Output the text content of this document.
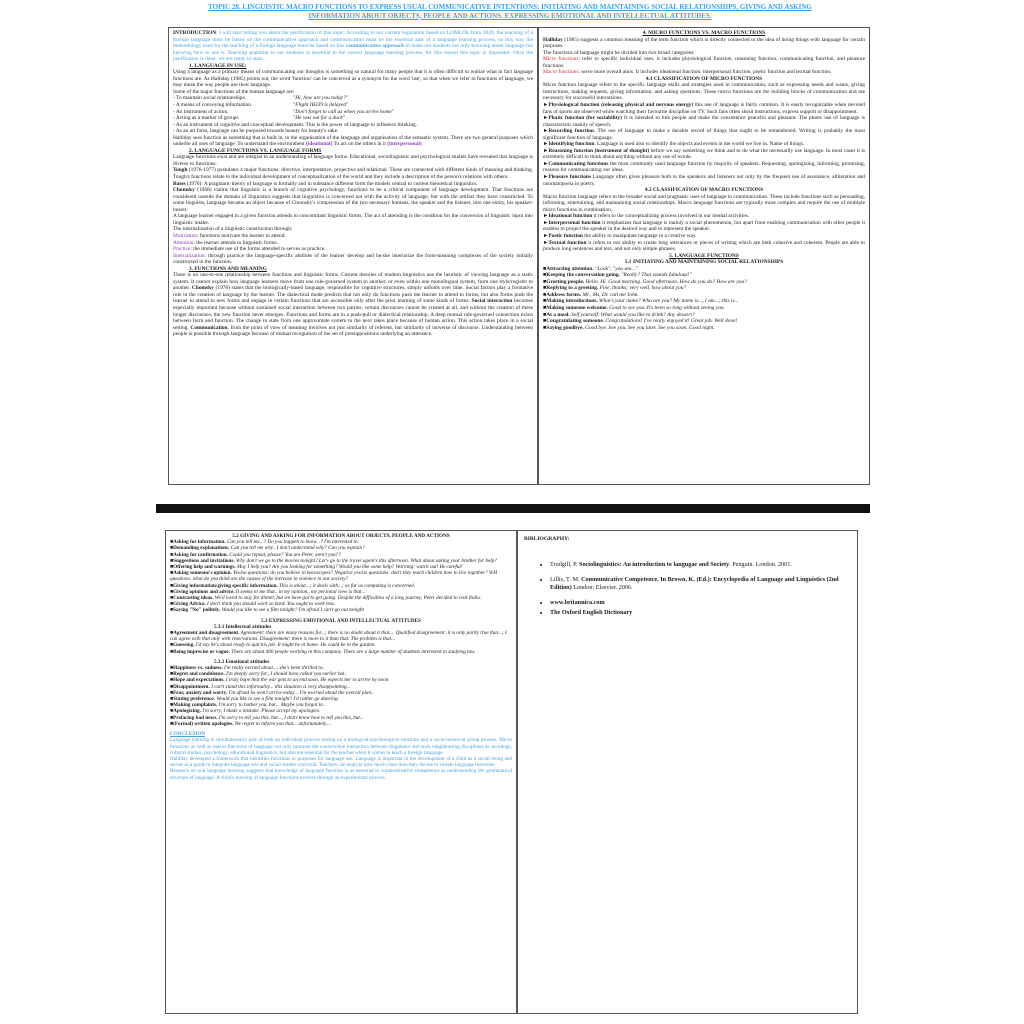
TOPIC 28. LINGUISTIC MACRO FUNCTIONS TO EXPRESS USUAL COMMUNICATIVE INTENTIONS: INITIATING AND MAINTAINING SOCIAL RELATIONSHIPS, GIVING AND ASKING
INFORMATION ABOUT OBJECTS, PEOPLE AND ACTIONS. EXPRESSING EMOTIONAL AND INTELLECTUAL ATTITUDES.

INTRODUCTION: I will start telling you about the justification of this topic. According to our current legislation based on LOMLOE from 2020, the teaching of a foreign language must be based on the communicative approach and communication must be the essential part of a language learning process, so this way the methodology used for the teaching of a foreign language must be based on this communicative approach to make our students not only knowing about language but knowing how to use it. Teaching grammar to our students is essential to the correct language learning process, for this reason this topic is important. Once the justification is done, we are ready to start...

1. LANGUAGE IN USE:

Using a language as a primary means of communicating our thoughts is something so natural for many people that it is often difficult to realize what in fact language functions are. As Halliday (1985) points out, the word 'function' can be conceived as a synonym for the word 'use', so that when we refer to functions of language, we may mean the way people use their language.

Some of the major functions of the human language are:

- To maintain social relationships.	"Hi, how are you today?"
- A means of conveying information.	"Flight IB339 is delayed"
- An instrument of action.	"Don't forget to call us when you arrive home"
- Acting as a marker of groups	"He was out for a duck"

- As an instrument of cognitive and conceptual development. This is the power of language to influence thinking.

- As an art form, language can be purposed towards beauty for beauty's sake.

Halliday sees function as something that is built in, to the organisation of the language and organisation of the semantic system. There are two general purposes which underlie all uses of language: To understand the environment (ideational) To act on the others in it (interpersonal)

2. LANGUAGE FUNCTIONS VS. LANGUAGE FORMS

Language functions exist and are integral to an understanding of language forms. Educational, sociolinguistic and psychological studies have revealed that language is diverse in functions.

Tough (1976-1977) postulates 4 major functions: directive, interpretative, projective and relational. These are connected with different kinds of meaning and thinking. Tough's functions relate to the individual development of conceptualization of the world and they include a description of the person's relations with others.

Bates (1976): A pragmatic theory of language is formally and in substance different form the models central to current theoretical linguistics.

Chomsky (1968) claims that linguistic is a branch of cognitive psychology, functions to be a critical component of language development. That functions are considered outside the domain of linguistics suggests that linguistics is concerned not with the activity of language, but with the artifact they have constructed. To some linguists, language became an object because of Chomsky's compression of the two necessary humans, the speaker and the listener, into one entity, his speaker-hearer.

A language learner engaged in a given function attends to concomitant linguistic forms. The act of attending is the condition for the conversion of linguistic input into linguistic intake.

The internalization of a linguistic construction through:

Motivation: functions motivate the learner to attend.

Attention: the learner attends to linguistic forms.

Practice: the immediate use of the forms attended to serves as practice.

Internalization: through practice the language-specific abilities of the learner develop and he/she interiorize the form-meaning complexes of the society initially constructed in the function.

3. FUNCTIONS AND MEANING

There is no one-to-one relationship between functions and linguistic forms. Current theories of modern linguistics use the heuristic of viewing language as a static system. It cannot explain how language learners move from one rule-governed system to another, or even within one monolingual system, from one style/register to another. Chomsky (1978) states that the biologically-based language, responsible for cognitive structures, simply unfolds over time. Social factors play a formative role in the creation of language by the learner. The dialectical mode predicts that not only do functions push the learner to attend to forms, but also forms push the learner to attend to new forms and engage in certain functions that are accessible only after the prior learning of some kinds of forms. Social interaction becomes especially important because without sustained social interaction between two parties, certain discourses cannot be created at all, and without the creation of these longer discourses, the new function never emerges. Functions and forms are in a push-pull or dialectical relationship. A deep mutual rule-governed connection exists between form and function. The change in state from one approximate system to the next takes place because of human action. This action takes place in a social setting. Communication, from the point of view of meaning involves not just similarity of referent, but similarity of universe of discourse. Understanding between people is possible through language because of mutual recognition of the set of presuppositions underlying an utterance.

4. MICRO FUNCTIONS VS. MACRO FUNCTIONS

Halliday (1985) suggests a common meaning of the term function which is directly connected to the idea of doing things with language for certain purposes.

The functions of language might be divided into two broad categories:

Micro functions: refer to specific individual uses. it includes physiological function, reasoning function, communicating function, and pleasure functions.

Macro functions: serve more overall aims. It includes ideational function, interpersonal function, poetic function and textual function.

4.1 CLASSIFICATION OF MICRO FUNCTIONS

Micro function language refers to the specific language skills and strategies used in communication, such as expressing needs and wants, giving instructions, making requests, giving information, and asking questions. These micro functions are the building blocks of communication and are necessary for successful interactions.

►Physiological function (releasing physical and nervous energy) this use of language is fairly common. It is easily recognizable when devoted fans of sports are observed while watching their favourite discipline on TV. Such fans often shout instructions, express support or disappointment.

►Phatic function (for sociability) It is intended to link people and make the coexistence peaceful and pleasant. The phatic use of language is characteristic mainly of speech.

►Recording function. The use of language to make a durable record of things that ought to be remembered. Writing is probably the most significant function of language.

►Identifying function. Language is used also to identify the objects and events in the world we live in. Name of things.

►Reasoning function (instrument of thought) before we say something we think and to do what the necessarily use language. In most cases it is extremely difficult to think about anything without any use of words.

►Communicating functions the most commonly used language function by majority of speakers. Requesting, apologizing, informing, promising, reasons for communicating our ideas.

►Pleasure functions Language often gives pleasure both to the speakers and listeners not only by the frequent use of assonance, alliteration and onomatopoeia in poetry.

4.2 CLASSIFICATION OF MACRO FUNCTIONS

Macro function language refers to the broader social and pragmatic uses of language in communication. These include functions such as persuading, informing, entertaining, and maintaining social relationships. Macro language functions are typically more complex and require the use of multiple micro functions in combination.

►Ideational function it refers to the conceptualizing process involved in our mental activities.

►Interpersonal function it emphasizes that language is mainly a social phenomenon, but apart from enabling communication with other people it enables to project the speaker in the desired way and to represent the speaker.

►Poetic function the ability to manipulate language in a creative way.

►Textual function it refers to our ability to create long utterances or pieces of writing which are both cohesive and coherent. People are able to produce long sentences and text, and not only simple phrases.

5. LANGUAGE FUNCTIONS

5.1 INITIATING AND MAINTAINING SOCIAL RELATIONSHIPS

■Attracting attention. "Look", "you see..."

■Keeping the conversation going. "Really? That sounds fabulous!"

■Greeting people. Hello. Hi. Good morning. Good afternoon. How do you do? How are you?

■Replying to a greeting. Fine, thanks; very well, how about you?

■Address forms. Mr., Ms, Dr. call me John.

■Making introductions. What's your name? Who are you? My name is..., I am...; this is...

■Making someone welcome. Good to see you. It's been so long without seeing you.

■At a meal. Self yourself. What would you like to drink? Any dessert?

■Congratulating someone. Congratulations! I've really enjoyed it! Great job. Well done!

■Saying goodbye. Good bye. See you. See you later. See you soon. Good night.

5.2 GIVING AND ASKING FOR INFORMATION ABOUT OBJECTS, PEOPLE AND ACTIONS

■Asking for information. Can you tell me...? Do you happen to know...? I'm interested in.

■Demanding explanations. Can you tell me why.. I don't understand why? Can you explain?

■Asking for confirmation. Could you repeat, please? You are Peter, aren't you??

■Suggestions and invitations. Why don't we go to the movies tonight? Let's go to the travel agent's this afternoon. What about asking your brother for help?

■Offering help and warnings. May I help you? Are you looking for something? Would you like some help? Warning: watch out! Be careful!

■Asking someone's opinion. Yes/no questions: do you believe in horoscopes? Negative yes/no questions: don't they teach children how to live together? WH questions: what do you think are the causes of the increase in violence in our society?

■Giving information/giving specific information. This is about...; it deals with...; as far as computing is concerned.

■Giving opinions and advice. It seems to me that.. in my opinion,, my personal view is that...

■Contrasting ideas. We'd loved to stay for dinner, but we have got to get going. Despite the difficulties of a long journey, Peter decided to visit India.

■Giving Advice. I don't think you should work so hard. You ought to work less.

■Saying "No" politely. Would you like to see a film tonight? I'm afraid I can't go out tonight

5.3 EXPRESSING EMOTIONAL AND INTELLECTUAL ATTITUDES

5.3.1 Intellectual attitudes

■Agreement and disagreement. Agreement: there are many reasons for...; there is no doubt about it that.... Qualified disagreement: it is only partly true that...; I can agree with that only with reservations. Disagreement: there is more to it than that. The problem is that...

■Guessing. I'd say he's about ready to quit his job. It might be at home. He could be in the garden.

■Being imprecise or vague. There are about 400 people working in this company. There are a large number of students interested in studying law.

5.3.2 Emotional attitudes

■Happiness vs. sadness. I'm really excited about..., she's been thrilled to..

■Regret and condolence. I'm deeply sorry for., I should have called you earlier but..

■Hope and expectations. I truly hope that the war gets to an end soon. He expects her to arrive by noon.

■Disappointment. I can't stand this informality... this situation is very disappointing...

■Fear, anxiety and worry. I'm afraid he won't arrive today... I'm worried about the overall plan..

■Stating preference. Would you like to see a film tonight? I'd rather go dancing.

■Making complaints. I'm sorry to bother you, but... Maybe you forgot to..

■Apologizing. I'm sorry, I made a mistake. Please accept my apologies.

■Prefacing bad news. I'm sorry to tell you this, but..., I don't know how to tell you this, but...

■(Formal) written apologies. We regret to inform you that... unfortunately....

CONCLUSION

Language learning is simultaneously part of both an individual process resting on a biological-psychological substrate and a socio-historical group process. Micro functions as well as macro functions of language not only promote the constructive interaction between linguistics and such neighbouring disciplines as sociology, cultural studies, psychology, educational linguistics, but also are essential for the teacher when it comes to teach a foreign language.

Halliday developed a framework that identifies functions or purposes for language use. Language is important in the development of a child as a social being and serves as a guide to integrate language arts and social studies curricula. Teachers can analyze how much class time they devote to certain language functions.

Research on oral language learning suggests that knowledge of language function is as essential to communicative competence as understanding the grammatical structure of language. A child's learning of language functions evolves through an experimental process.

BIBLIOGRAPHY:

• Trudgill, P. Sociolinguistics: An introduction to langugae and Society. Penguin. London. 2001.
• Lillis, T. M. Communicative Competence. In Brown, K. (Ed.): Encyclopedia of Language and Linguistics (2nd Edition) London: Elsevier. 2006.
• www.britannica.com
• The Oxford English Dictionary
